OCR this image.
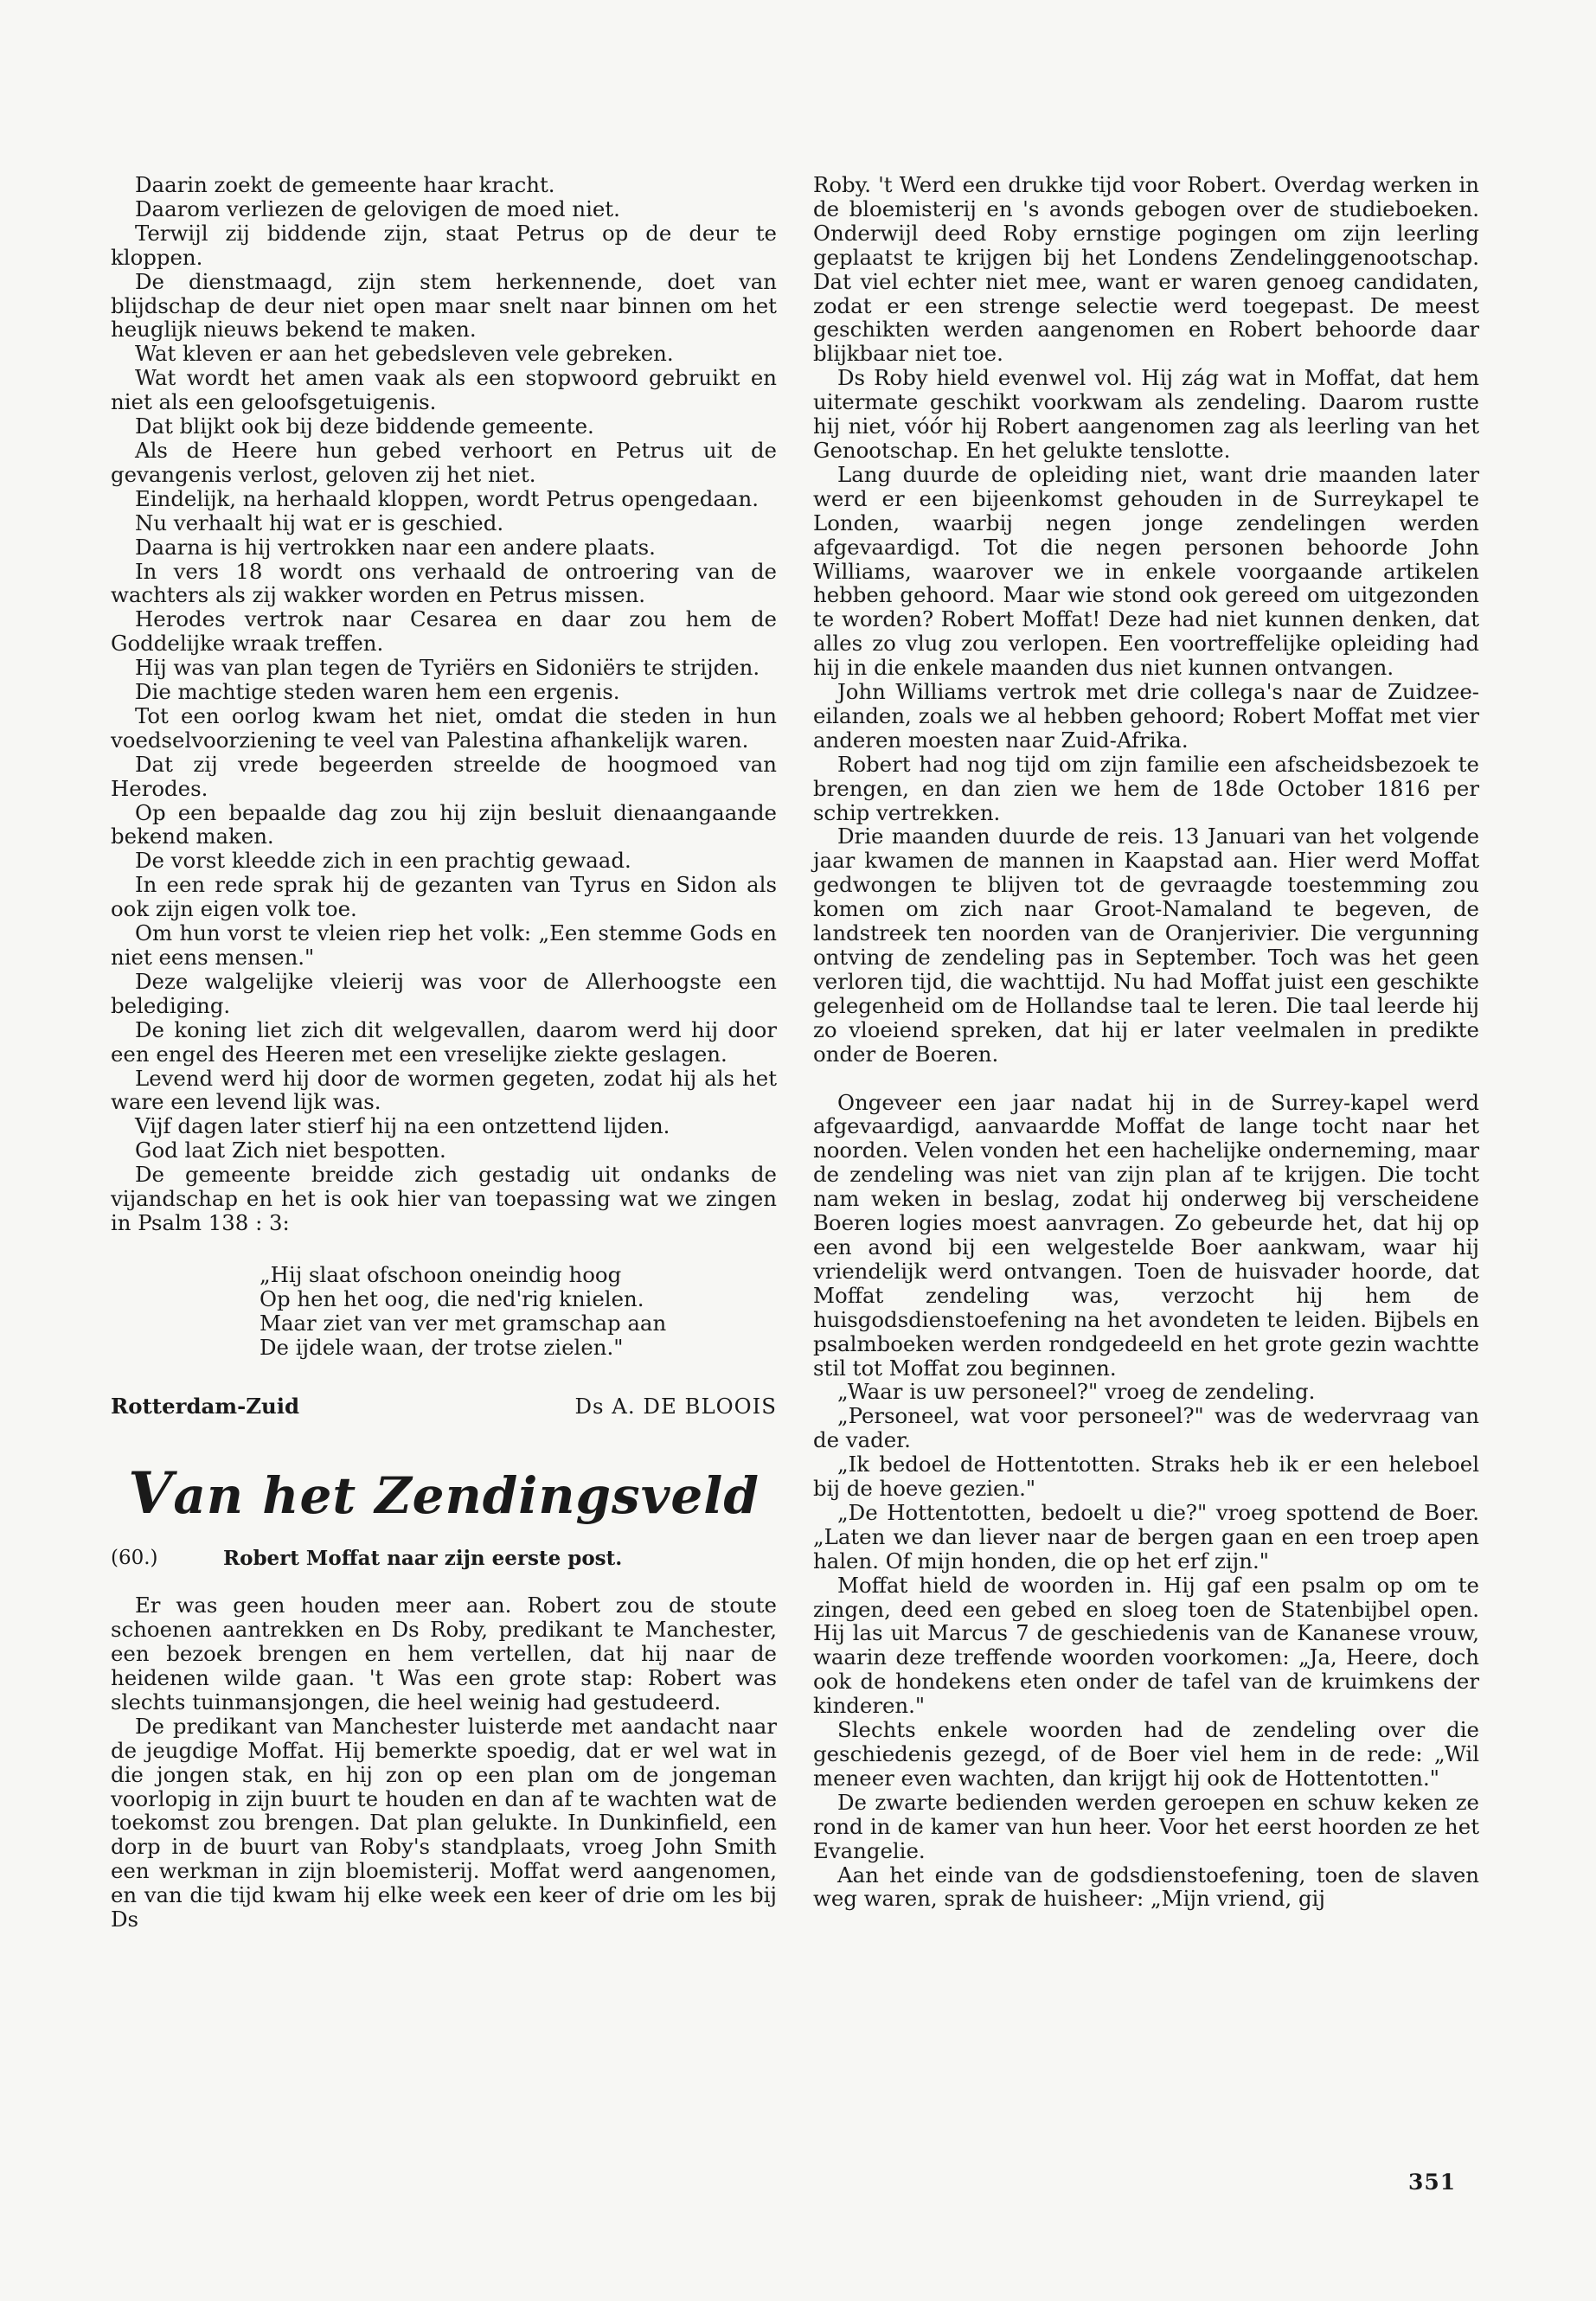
Daarin zoekt de gemeente haar kracht.

Daarom verliezen de gelovigen de moed niet.

Terwijl zij biddende zijn, staat Petrus op de deur te kloppen.

De dienstmaagd, zijn stem herkennende, doet van blijdschap de deur niet open maar snelt naar binnen om het heuglijk nieuws bekend te maken.

Wat kleven er aan het gebedsleven vele gebreken.

Wat wordt het amen vaak als een stopwoord gebruikt en niet als een geloofsgetuigenis.

Dat blijkt ook bij deze biddende gemeente.

Als de Heere hun gebed verhoort en Petrus uit de gevangenis verlost, geloven zij het niet.

Eindelijk, na herhaald kloppen, wordt Petrus opengedaan.

Nu verhaalt hij wat er is geschied.

Daarna is hij vertrokken naar een andere plaats.

In vers 18 wordt ons verhaald de ontroering van de wachters als zij wakker worden en Petrus missen.

Herodes vertrok naar Cesarea en daar zou hem de Goddelijke wraak treffen.

Hij was van plan tegen de Tyriërs en Sidoniërs te strijden.

Die machtige steden waren hem een ergenis.

Tot een oorlog kwam het niet, omdat die steden in hun voedselvoorziening te veel van Palestina afhankelijk waren.

Dat zij vrede begeerden streelde de hoogmoed van Herodes.

Op een bepaalde dag zou hij zijn besluit dienaangaande bekend maken.

De vorst kleedde zich in een prachtig gewaad.

In een rede sprak hij de gezanten van Tyrus en Sidon als ook zijn eigen volk toe.

Om hun vorst te vleien riep het volk: „Een stemme Gods en niet eens mensen."

Deze walgelijke vleierij was voor de Allerhoogste een belediging.

De koning liet zich dit welgevallen, daarom werd hij door een engel des Heeren met een vreselijke ziekte geslagen.

Levend werd hij door de wormen gegeten, zodat hij als het ware een levend lijk was.

Vijf dagen later stierf hij na een ontzettend lijden.

God laat Zich niet bespotten.

De gemeente breidde zich gestadig uit ondanks de vijandschap en het is ook hier van toepassing wat we zingen in Psalm 138 : 3:

„Hij slaat ofschoon oneindig hoog
Op hen het oog, die ned'rig knielen.
Maar ziet van ver met gramschap aan
De ijdele waan, der trotse zielen."
Rotterdam-Zuid	Ds A. DE BLOOIS
Van het Zendingsveld
(60.)	Robert Moffat naar zijn eerste post.

Er was geen houden meer aan. Robert zou de stoute schoenen aantrekken en Ds Roby, predikant te Manchester, een bezoek brengen en hem vertellen, dat hij naar de heidenen wilde gaan. 't Was een grote stap: Robert was slechts tuinmansjongen, die heel weinig had gestudeerd.

De predikant van Manchester luisterde met aandacht naar de jeugdige Moffat. Hij bemerkte spoedig, dat er wel wat in die jongen stak, en hij zon op een plan om de jongeman voorlopig in zijn buurt te houden en dan af te wachten wat de toekomst zou brengen. Dat plan gelukte. In Dunkinfield, een dorp in de buurt van Roby's standplaats, vroeg John Smith een werkman in zijn bloemisterij. Moffat werd aangenomen, en van die tijd kwam hij elke week een keer of drie om les bij Ds

Roby. 't Werd een drukke tijd voor Robert. Overdag werken in de bloemisterij en 's avonds gebogen over de studieboeken. Onderwijl deed Roby ernstige pogingen om zijn leerling geplaatst te krijgen bij het Londens Zendelinggenootschap. Dat viel echter niet mee, want er waren genoeg candidaten, zodat er een strenge selectie werd toegepast. De meest geschikten werden aangenomen en Robert behoorde daar blijkbaar niet toe.

Ds Roby hield evenwel vol. Hij zág wat in Moffat, dat hem uitermate geschikt voorkwam als zendeling. Daarom rustte hij niet, vóór hij Robert aangenomen zag als leerling van het Genootschap. En het gelukte tenslotte.

Lang duurde de opleiding niet, want drie maanden later werd er een bijeenkomst gehouden in de Surreykapel te Londen, waarbij negen jonge zendelingen werden afgevaardigd. Tot die negen personen behoorde John Williams, waarover we in enkele voorgaande artikelen hebben gehoord. Maar wie stond ook gereed om uitgezonden te worden? Robert Moffat! Deze had niet kunnen denken, dat alles zo vlug zou verlopen. Een voortreffelijke opleiding had hij in die enkele maanden dus niet kunnen ontvangen.

John Williams vertrok met drie collega's naar de Zuidzee-eilanden, zoals we al hebben gehoord; Robert Moffat met vier anderen moesten naar Zuid-Afrika.

Robert had nog tijd om zijn familie een afscheidsbezoek te brengen, en dan zien we hem de 18de October 1816 per schip vertrekken.

Drie maanden duurde de reis. 13 Januari van het volgende jaar kwamen de mannen in Kaapstad aan. Hier werd Moffat gedwongen te blijven tot de gevraagde toestemming zou komen om zich naar Groot-Namaland te begeven, de landstreek ten noorden van de Oranjerivier. Die vergunning ontving de zendeling pas in September. Toch was het geen verloren tijd, die wachttijd. Nu had Moffat juist een geschikte gelegenheid om de Hollandse taal te leren. Die taal leerde hij zo vloeiend spreken, dat hij er later veelmalen in predikte onder de Boeren.

Ongeveer een jaar nadat hij in de Surrey-kapel werd afgevaardigd, aanvaardde Moffat de lange tocht naar het noorden. Velen vonden het een hachelijke onderneming, maar de zendeling was niet van zijn plan af te krijgen. Die tocht nam weken in beslag, zodat hij onderweg bij verscheidene Boeren logies moest aanvragen. Zo gebeurde het, dat hij op een avond bij een welgestelde Boer aankwam, waar hij vriendelijk werd ontvangen. Toen de huisvader hoorde, dat Moffat zendeling was, verzocht hij hem de huisgodsdienstoefening na het avondeten te leiden. Bijbels en psalmboeken werden rondgedeeld en het grote gezin wachtte stil tot Moffat zou beginnen.

„Waar is uw personeel?" vroeg de zendeling.

„Personeel, wat voor personeel?" was de wedervraag van de vader.

„Ik bedoel de Hottentotten. Straks heb ik er een heleboel bij de hoeve gezien."

„De Hottentotten, bedoelt u die?" vroeg spottend de Boer. „Laten we dan liever naar de bergen gaan en een troep apen halen. Of mijn honden, die op het erf zijn."

Moffat hield de woorden in. Hij gaf een psalm op om te zingen, deed een gebed en sloeg toen de Statenbijbel open. Hij las uit Marcus 7 de geschiedenis van de Kananese vrouw, waarin deze treffende woorden voorkomen: „Ja, Heere, doch ook de hondekens eten onder de tafel van de kruimkens der kinderen."

Slechts enkele woorden had de zendeling over die geschiedenis gezegd, of de Boer viel hem in de rede: „Wil meneer even wachten, dan krijgt hij ook de Hottentotten."

De zwarte bedienden werden geroepen en schuw keken ze rond in de kamer van hun heer. Voor het eerst hoorden ze het Evangelie.

Aan het einde van de godsdienstoefening, toen de slaven weg waren, sprak de huisheer: „Mijn vriend, gij

351
